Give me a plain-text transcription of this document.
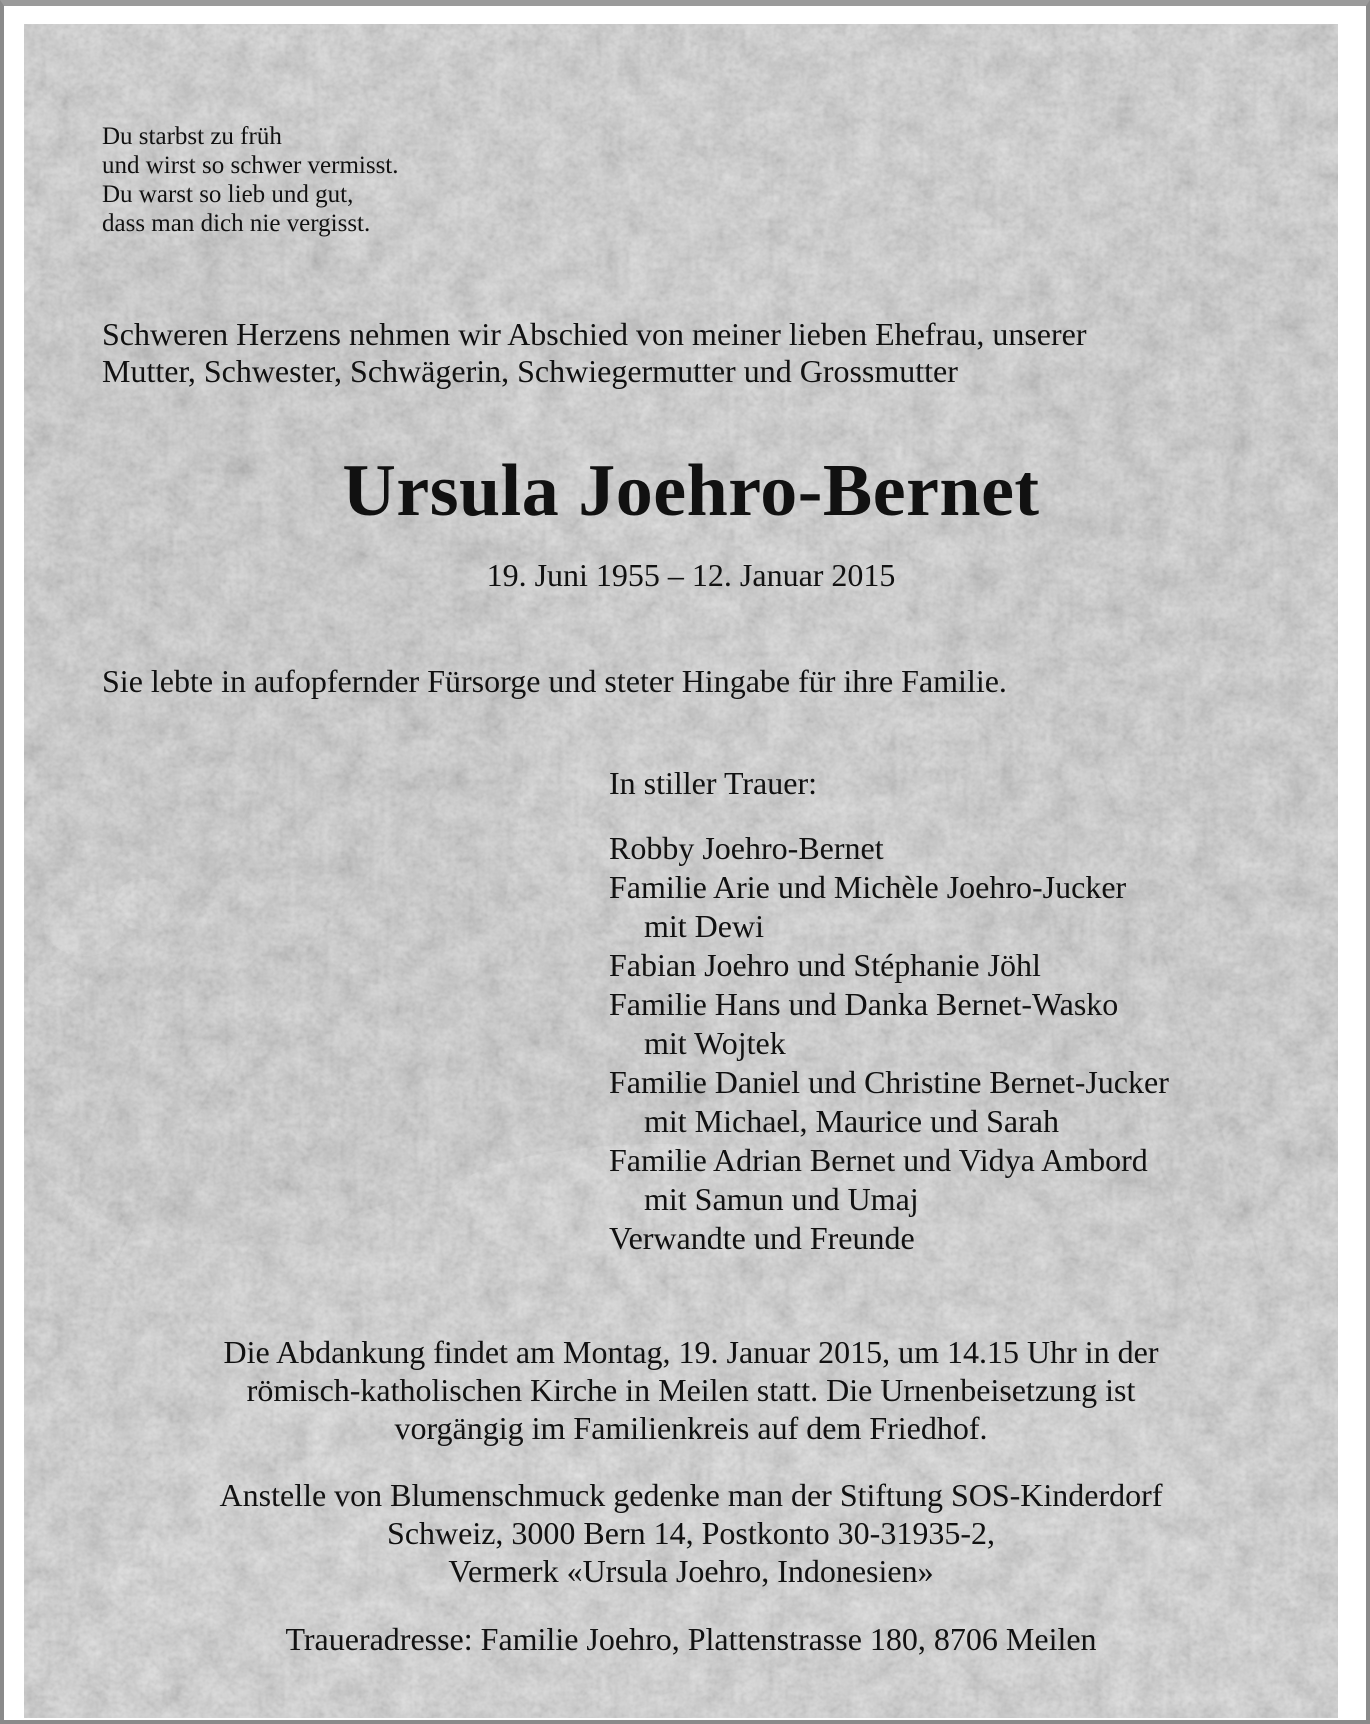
Du starbst zu früh
und wirst so schwer vermisst.
Du warst so lieb und gut,
dass man dich nie vergisst.

Schweren Herzens nehmen wir Abschied von meiner lieben Ehefrau, unserer
Mutter, Schwester, Schwägerin, Schwiegermutter und Grossmutter

Ursula Joehro-Bernet
19. Juni 1955 – 12. Januar 2015
Sie lebte in aufopfernder Fürsorge und steter Hingabe für ihre Familie.
In stiller Trauer:
Robby Joehro-Bernet
Familie Arie und Michèle Joehro-Jucker
mit Dewi
Fabian Joehro und Stéphanie Jöhl
Familie Hans und Danka Bernet-Wasko
mit Wojtek
Familie Daniel und Christine Bernet-Jucker
mit Michael, Maurice und Sarah
Familie Adrian Bernet und Vidya Ambord
mit Samun und Umaj
Verwandte und Freunde
Die Abdankung findet am Montag, 19. Januar 2015, um 14.15 Uhr in der
römisch-katholischen Kirche in Meilen statt. Die Urnenbeisetzung ist
vorgängig im Familienkreis auf dem Friedhof.
Anstelle von Blumenschmuck gedenke man der Stiftung SOS-Kinderdorf
Schweiz, 3000 Bern 14, Postkonto 30-31935-2,
Vermerk «Ursula Joehro, Indonesien»
Traueradresse: Familie Joehro, Plattenstrasse 180, 8706 Meilen
